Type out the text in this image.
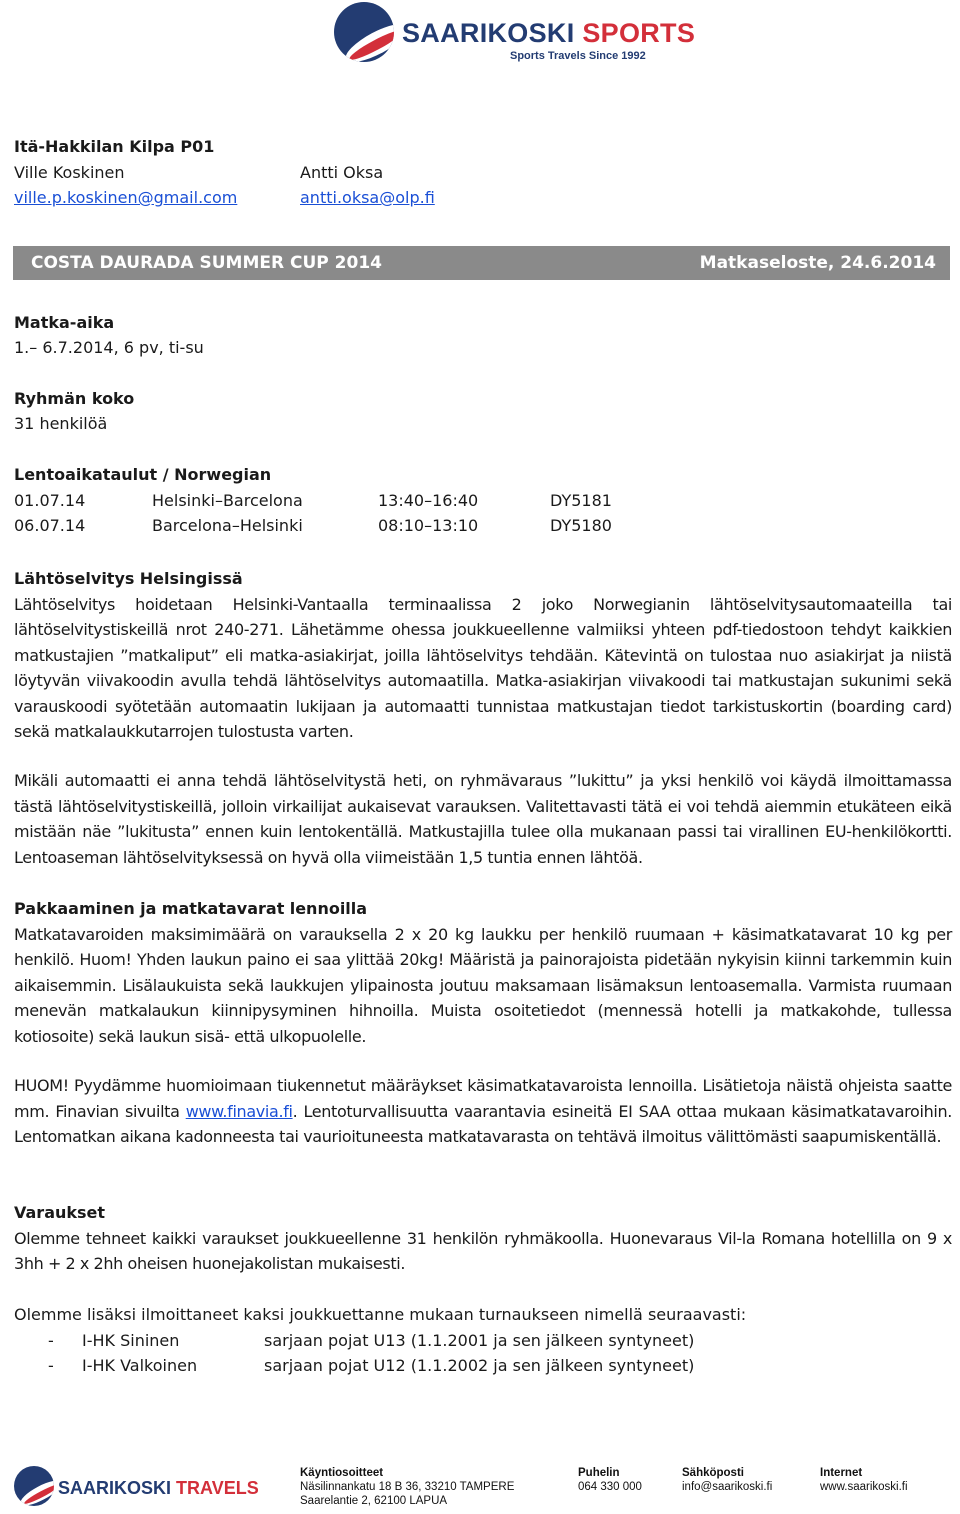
SAARIKOSKI SPORTS
Sports Travels Since 1992
Itä-Hakkilan Kilpa P01
Ville Koskinen
ville.p.koskinen@gmail.com
Antti Oksa
antti.oksa@olp.fi
COSTA DAURADA SUMMER CUP 2014	Matkaseloste, 24.6.2014
Matka-aika
1.– 6.7.2014, 6 pv, ti-su
Ryhmän koko
31 henkilöä
Lentoaikataulut / Norwegian
01.07.14	Helsinki–Barcelona	13:40–16:40	DY5181
06.07.14	Barcelona–Helsinki	08:10–13:10	DY5180
Lähtöselvitys Helsingissä
Lähtöselvitys hoidetaan Helsinki-Vantaalla terminaalissa 2 joko Norwegianin lähtöselvitysautomaateilla tai lähtöselvitystiskeillä nrot 240-271. Lähetämme ohessa joukkueellenne valmiiksi yhteen pdf-tiedostoon tehdyt kaikkien matkustajien ”matkaliput” eli matka-asiakirjat, joilla lähtöselvitys tehdään. Kätevintä on tulostaa nuo asiakirjat ja niistä löytyvän viivakoodin avulla tehdä lähtöselvitys automaatilla. Matka-asiakirjan viivakoodi tai matkustajan sukunimi sekä varauskoodi syötetään automaatin lukijaan ja automaatti tunnistaa matkustajan tiedot tarkistuskortin (boarding card) sekä matkalaukkutarrojen tulostusta varten.
Mikäli automaatti ei anna tehdä lähtöselvitystä heti, on ryhmävaraus ”lukittu” ja yksi henkilö voi käydä ilmoittamassa tästä lähtöselvitystiskeillä, jolloin virkailijat aukaisevat varauksen. Valitettavasti tätä ei voi tehdä aiemmin etukäteen eikä mistään näe ”lukitusta” ennen kuin lentokentällä. Matkustajilla tulee olla mukanaan passi tai virallinen EU-henkilökortti. Lentoaseman lähtöselvityksessä on hyvä olla viimeistään 1,5 tuntia ennen lähtöä.
Pakkaaminen ja matkatavarat lennoilla
Matkatavaroiden maksimimäärä on varauksella 2 x 20 kg laukku per henkilö ruumaan + käsimatkatavarat 10 kg per henkilö. Huom! Yhden laukun paino ei saa ylittää 20kg! Määristä ja painorajoista pidetään nykyisin kiinni tarkemmin kuin aikaisemmin. Lisälaukuista sekä laukkujen ylipainosta joutuu maksamaan lisämaksun lentoasemalla. Varmista ruumaan menevän matkalaukun kiinnipysyminen hihnoilla. Muista osoitetiedot (mennessä hotelli ja matkakohde, tullessa kotiosoite) sekä laukun sisä- että ulkopuolelle.
HUOM! Pyydämme huomioimaan tiukennetut määräykset käsimatkatavaroista lennoilla. Lisätietoja näistä ohjeista saatte mm. Finavian sivuilta www.finavia.fi. Lentoturvallisuutta vaarantavia esineitä EI SAA ottaa mukaan käsimatkatavaroihin. Lentomatkan aikana kadonneesta tai vaurioituneesta matkatavarasta on tehtävä ilmoitus välittömästi saapumiskentällä.
Varaukset
Olemme tehneet kaikki varaukset joukkueellenne 31 henkilön ryhmäkoolla. Huonevaraus Vil-la Romana hotellilla on 9 x 3hh + 2 x 2hh oheisen huonejakolistan mukaisesti.
Olemme lisäksi ilmoittaneet kaksi joukkuettanne mukaan turnaukseen nimellä seuraavasti:
- I-HK Sininen	sarjaan pojat U13 (1.1.2001 ja sen jälkeen syntyneet)
- I-HK Valkoinen	sarjaan pojat U12 (1.1.2002 ja sen jälkeen syntyneet)
SAARIKOSKI TRAVELS
Käyntiosoitteet
Näsilinnankatu 18 B 36, 33210 TAMPERE
Saarelantie 2, 62100 LAPUA
Puhelin
064 330 000
Sähköposti
info@saarikoski.fi
Internet
www.saarikoski.fi
